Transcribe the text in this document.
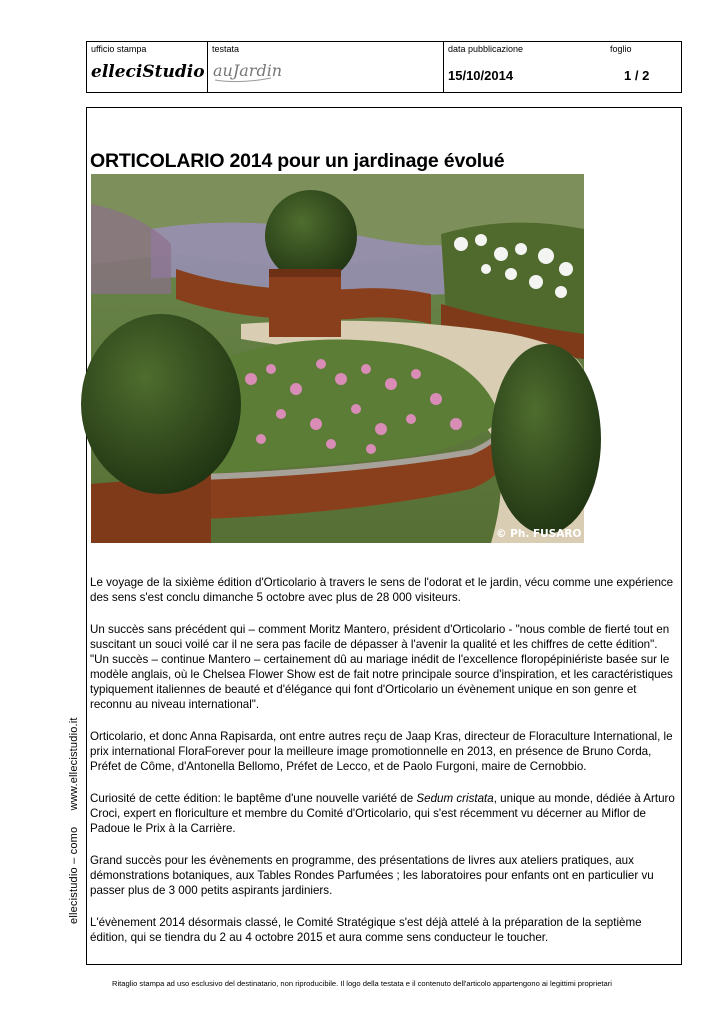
ufficio stampa
elleciStudio
testata
auJardin
data pubblicazione
15/10/2014
foglio
1 / 2
ORTICOLARIO 2014 pour un jardinage évolué
© Ph. FUSARO

Le voyage de la sixième édition d'Orticolario à travers le sens de l'odorat et le jardin, vécu comme une expérience des sens s'est conclu dimanche 5 octobre avec plus de 28 000 visiteurs.

Un succès sans précédent qui – comment Moritz Mantero, président d'Orticolario - "nous comble de fierté tout en suscitant un souci voilé car il ne sera pas facile de dépasser à l'avenir la qualité et les chiffres de cette édition". "Un succès – continue Mantero – certainement dû au mariage inédit de l'excellence floropépiniériste basée sur le modèle anglais, où le Chelsea Flower Show est de fait notre principale source d'inspiration, et les caractéristiques typiquement italiennes de beauté et d'élégance qui font d'Orticolario un évènement unique en son genre et reconnu au niveau international".

Orticolario, et donc Anna Rapisarda, ont entre autres reçu de Jaap Kras, directeur de Floraculture International, le prix international FloraForever pour la meilleure image promotionnelle en 2013, en présence de Bruno Corda, Préfet de Côme, d'Antonella Bellomo, Préfet de Lecco, et de Paolo Furgoni, maire de Cernobbio.

Curiosité de cette édition: le baptême d'une nouvelle variété de Sedum cristata, unique au monde, dédiée à Arturo Croci, expert en floriculture et membre du Comité d'Orticolario, qui s'est récemment vu décerner au Miflor de Padoue le Prix à la Carrière.

Grand succès pour les évènements en programme, des présentations de livres aux ateliers pratiques, aux démonstrations botaniques, aux Tables Rondes Parfumées ; les laboratoires pour enfants ont en particulier vu passer plus de 3 000 petits aspirants jardiniers.

L'évènement 2014 désormais classé, le Comité Stratégique s'est déjà attelé à la préparation de la septième édition, qui se tiendra du 2 au 4 octobre 2015 et aura comme sens conducteur le toucher.

ellecistudio – como     www.ellecistudio.it
Ritaglio stampa ad uso esclusivo del destinatario, non riproducibile. Il logo della testata e il contenuto dell'articolo appartengono ai legittimi proprietari
